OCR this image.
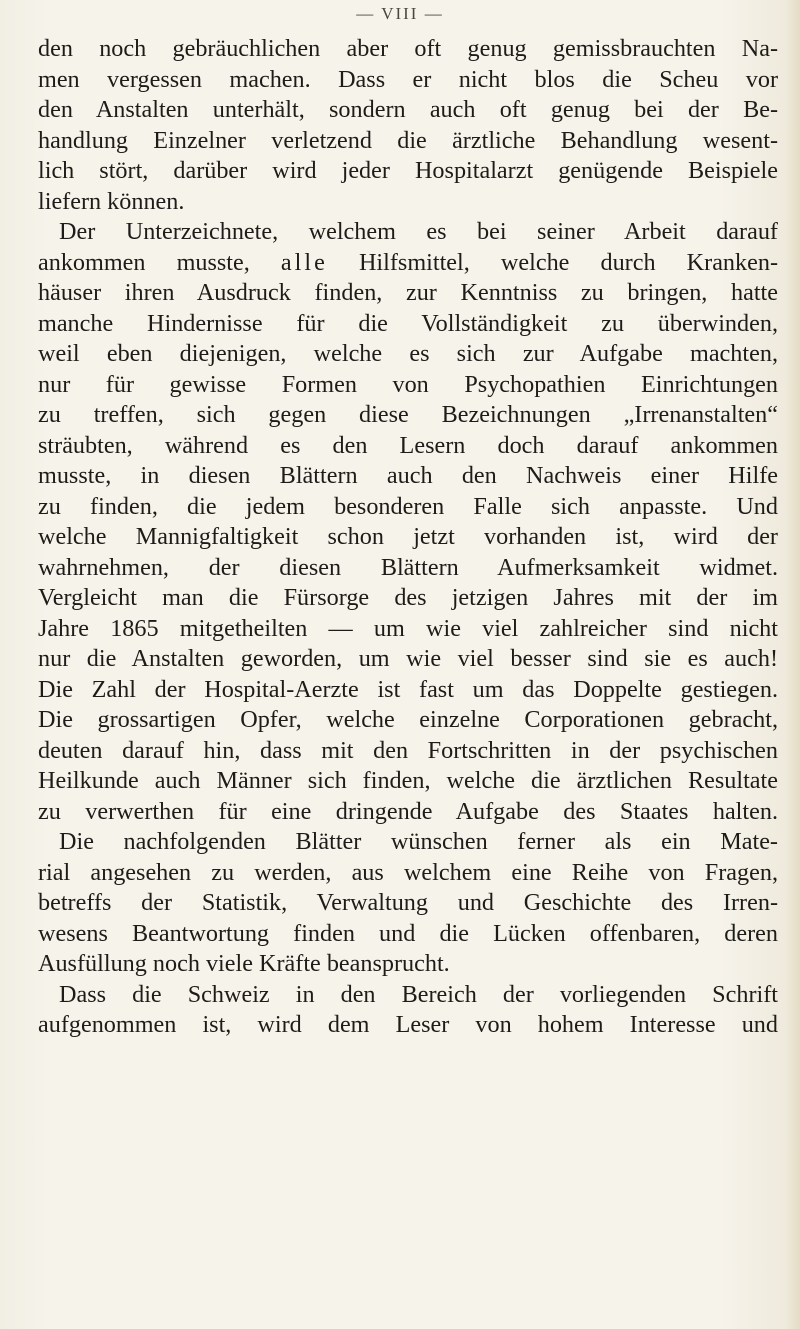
— VIII —
den noch gebräuchlichen aber oft genug gemissbrauchten Na-
men vergessen machen. Dass er nicht blos die Scheu vor
den Anstalten unterhält, sondern auch oft genug bei der Be-
handlung Einzelner verletzend die ärztliche Behandlung wesent-
lich stört, darüber wird jeder Hospitalarzt genügende Beispiele
liefern können.
Der Unterzeichnete, welchem es bei seiner Arbeit darauf
ankommen musste, alle Hilfsmittel, welche durch Kranken-
häuser ihren Ausdruck finden, zur Kenntniss zu bringen, hatte
manche Hindernisse für die Vollständigkeit zu überwinden,
weil eben diejenigen, welche es sich zur Aufgabe machten,
nur für gewisse Formen von Psychopathien Einrichtungen
zu treffen, sich gegen diese Bezeichnungen „Irrenanstalten“
sträubten, während es den Lesern doch darauf ankommen
musste, in diesen Blättern auch den Nachweis einer Hilfe
zu finden, die jedem besonderen Falle sich anpasste. Und
welche Mannigfaltigkeit schon jetzt vorhanden ist, wird der
wahrnehmen, der diesen Blättern Aufmerksamkeit widmet.
Vergleicht man die Fürsorge des jetzigen Jahres mit der im
Jahre 1865 mitgetheilten — um wie viel zahlreicher sind nicht
nur die Anstalten geworden, um wie viel besser sind sie es auch!
Die Zahl der Hospital-Aerzte ist fast um das Doppelte gestiegen.
Die grossartigen Opfer, welche einzelne Corporationen gebracht,
deuten darauf hin, dass mit den Fortschritten in der psychischen
Heilkunde auch Männer sich finden, welche die ärztlichen Resultate
zu verwerthen für eine dringende Aufgabe des Staates halten.
Die nachfolgenden Blätter wünschen ferner als ein Mate-
rial angesehen zu werden, aus welchem eine Reihe von Fragen,
betreffs der Statistik, Verwaltung und Geschichte des Irren-
wesens Beantwortung finden und die Lücken offenbaren, deren
Ausfüllung noch viele Kräfte beansprucht.
Dass die Schweiz in den Bereich der vorliegenden Schrift
aufgenommen ist, wird dem Leser von hohem Interesse und
